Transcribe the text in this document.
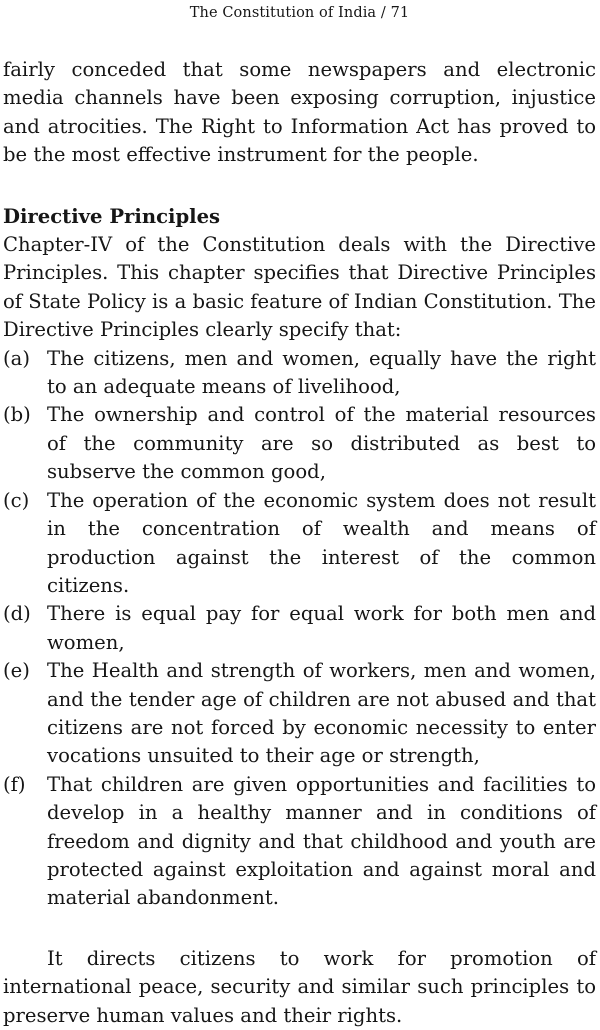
The Constitution of India / 71

fairly conceded that some newspapers and electronic media channels have been exposing corruption, injustice and atrocities. The Right to Information Act has proved to be the most effective instrument for the people.

Directive Principles

Chapter-IV of the Constitution deals with the Directive Principles. This chapter specifies that Directive Principles of State Policy is a basic feature of Indian Constitution. The Directive Principles clearly specify that:

(a) The citizens, men and women, equally have the right to an adequate means of livelihood,
(b) The ownership and control of the material resources of the community are so distributed as best to subserve the common good,
(c) The operation of the economic system does not result in the concentration of wealth and means of production against the interest of the common citizens.
(d) There is equal pay for equal work for both men and women,
(e) The Health and strength of workers, men and women, and the tender age of children are not abused and that citizens are not forced by economic necessity to enter vocations unsuited to their age or strength,
(f)	That children are given opportunities and facilities to develop in a healthy manner and in conditions of freedom and dignity and that childhood and youth are protected against exploitation and against moral and material abandonment.

It directs citizens to work for promotion of international peace, security and similar such principles to preserve human values and their rights.
